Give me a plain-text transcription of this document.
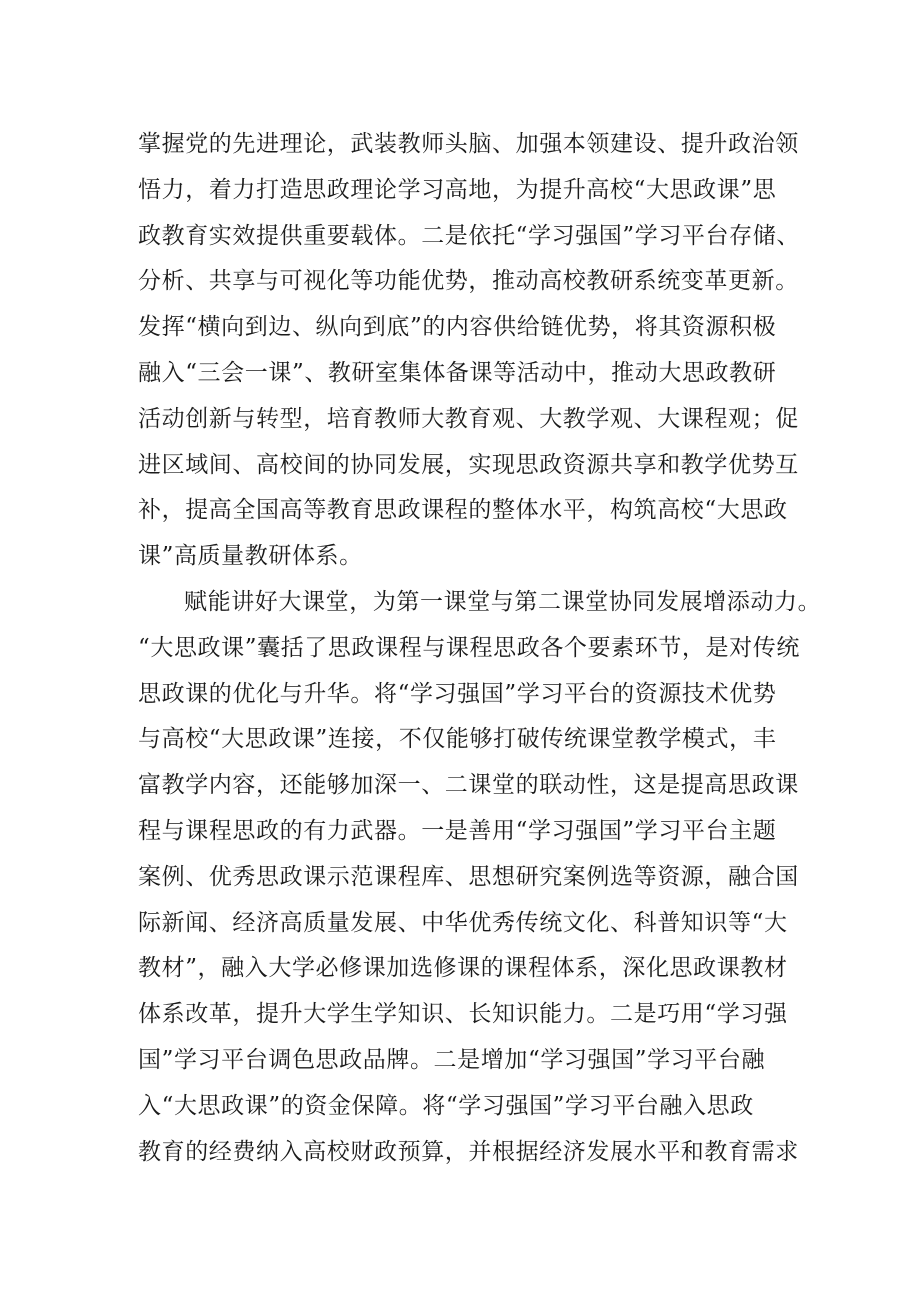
掌握党的先进理论，武装教师头脑、加强本领建设、提升政治领
悟力，着力打造思政理论学习高地，为提升高校“大思政课”思
政教育实效提供重要载体。二是依托“学习强国”学习平台存储、
分析、共享与可视化等功能优势，推动高校教研系统变革更新。
发挥“横向到边、纵向到底”的内容供给链优势，将其资源积极
融入“三会一课”、教研室集体备课等活动中，推动大思政教研
活动创新与转型，培育教师大教育观、大教学观、大课程观；促
进区域间、高校间的协同发展，实现思政资源共享和教学优势互
补，提高全国高等教育思政课程的整体水平，构筑高校“大思政
课”高质量教研体系。
赋能讲好大课堂，为第一课堂与第二课堂协同发展增添动力。
“大思政课”囊括了思政课程与课程思政各个要素环节，是对传统
思政课的优化与升华。将“学习强国”学习平台的资源技术优势
与高校“大思政课”连接，不仅能够打破传统课堂教学模式，丰
富教学内容，还能够加深一、二课堂的联动性，这是提高思政课
程与课程思政的有力武器。一是善用“学习强国”学习平台主题
案例、优秀思政课示范课程库、思想研究案例选等资源，融合国
际新闻、经济高质量发展、中华优秀传统文化、科普知识等“大
教材”，融入大学必修课加选修课的课程体系，深化思政课教材
体系改革，提升大学生学知识、长知识能力。二是巧用“学习强
国”学习平台调色思政品牌。二是增加“学习强国”学习平台融
入“大思政课”的资金保障。将“学习强国”学习平台融入思政
教育的经费纳入高校财政预算，并根据经济发展水平和教育需求
